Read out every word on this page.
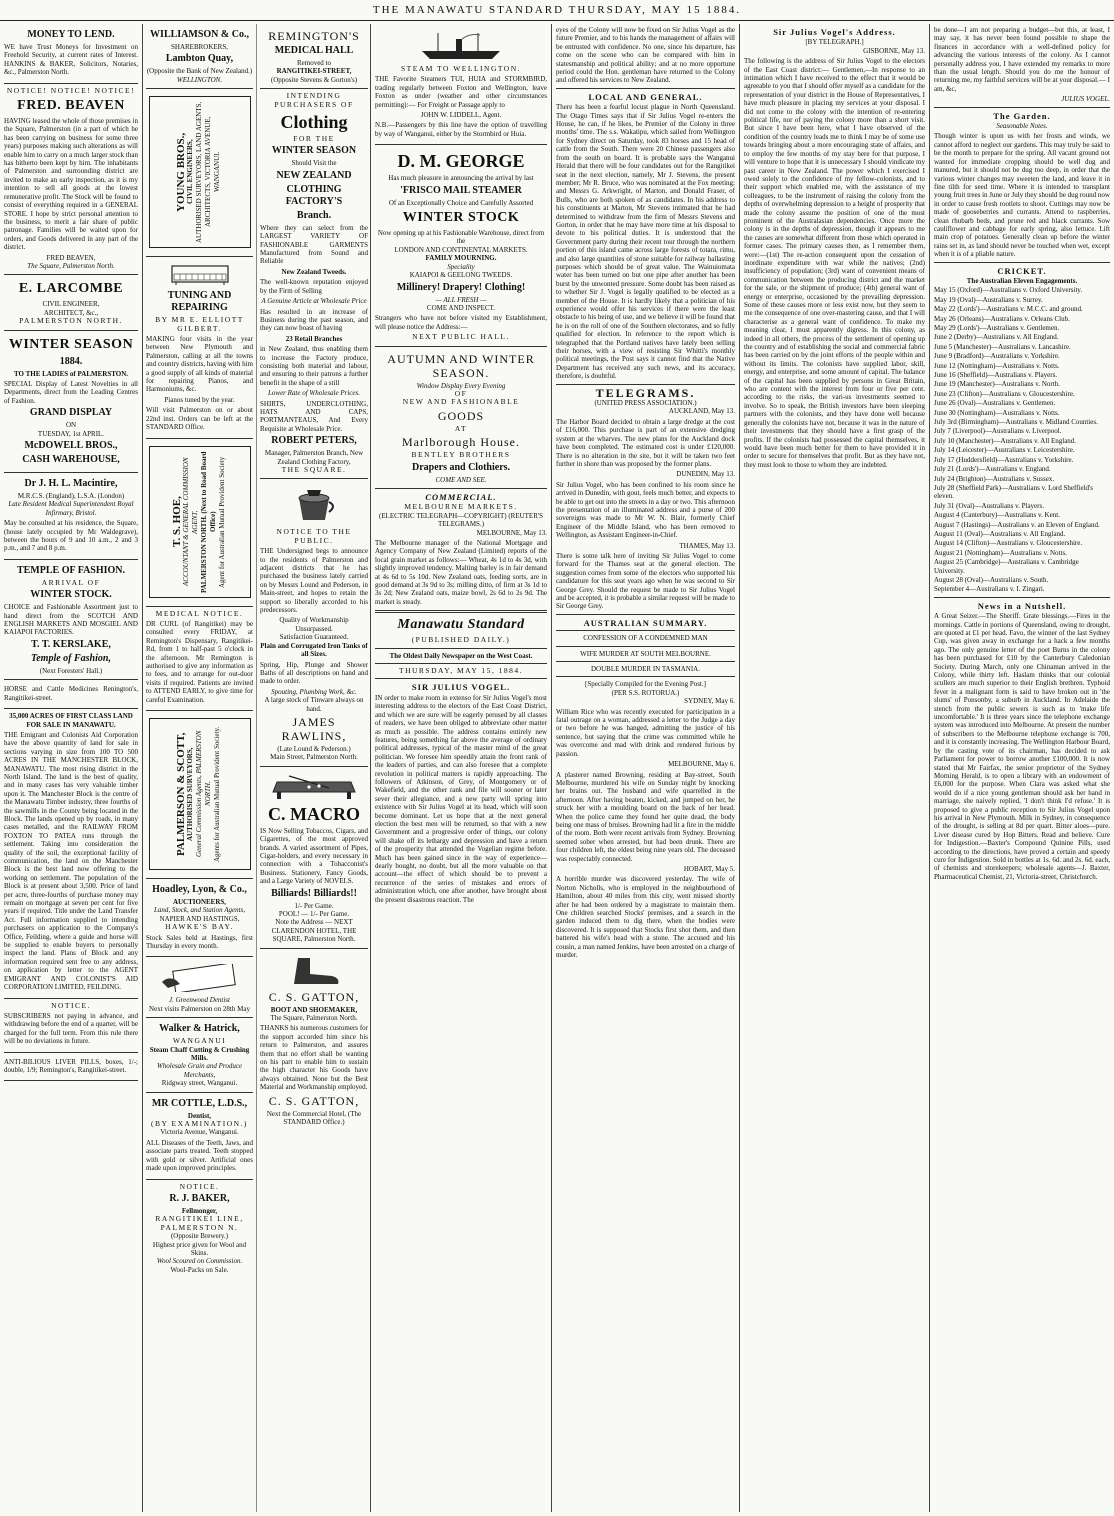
THE MANAWATU STANDARD THURSDAY, MAY 15 1884.
MONEY TO LEND.
WE have Trust Moneys for Investment on Freehold Security, at current rates of Interest. HANKINS & BAKER, Solicitors, Notaries, &c., Palmerston North.
NOTICE! NOTICE! NOTICE!
FRED. BEAVEN
HAVING leased the whole of those premises in the Square, Palmerston (in a part of which he has been carrying on business for some three years) purposes making such alterations as will enable him to carry on a much larger stock than has hitherto been kept by him. The inhabitants of Palmerston and surrounding district are invited to make an early inspection, as it is my intention to sell all goods at the lowest remunerative profit. The Stock will be found to consist of everything required in a GENERAL STORE. I hope by strict personal attention to the business, to merit a fair share of public patronage. Families will be waited upon for orders, and Goods delivered in any part of the district.
FRED BEAVEN,
The Square, Palmerston North.
E. LARCOMBE
CIVIL ENGINEER,
ARCHITECT, &c.,
PALMERSTON NORTH.
WINTER SEASON
1884.
TO THE LADIES of PALMERSTON.
SPECIAL Display of Latest Novelties in all Departments, direct from the Leading Centres of Fashion.
GRAND DISPLAY
ON
TUESDAY, 1st APRIL.
McDOWELL BROS.,
CASH WAREHOUSE,
Dr J. H. L. Macintire,
M.R.C.S. (England), L.S.A. (London)
Late Resident Medical Superintendent Royal Infirmary, Bristol.
May be consulted at his residence, the Square, (house lately occupied by Mr Waldegrave), between the hours of 9 and 10 a.m., 2 and 3 p.m., and 7 and 8 p.m.
TEMPLE OF FASHION.
ARRIVAL OF
WINTER STOCK.
CHOICE and Fashionable Assortment just to hand direct from the SCOTCH AND ENGLISH MARKETS AND MOSGIEL AND KAIAPOI FACTORIES.
T. T. KERSLAKE,
Temple of Fashion,
(Next Foresters' Hall.)
HORSE and Cattle Medicines Renington's, Rangitikei-street.
35,000 ACRES OF FIRST CLASS LAND FOR SALE IN MANAWATU.
THE Emigrant and Colonists Aid Corporation have the above quantity of land for sale in sections varying in size from 100 TO 500 ACRES IN THE MANCHESTER BLOCK, MANAWATU. The most rising district in the North Island. The land is the best of quality, and in many cases has very valuable timber upon it. The Manchester Block is the centre of the Manawatu Timber industry, three fourths of the sawmills in the County being located in the Block. The lands opened up by roads, in many cases metalled, and the RAILWAY FROM FOXTON TO PATEA runs through the settlement. Taking into consideration the quality of the soil, the exceptional facility of communication, the land on the Manchester Block is the best land now offering to the working on settlement. The population of the Block is at present about 3,500. Price of land per acre, three-fourths of purchase money may remain on mortgage at seven per cent for five years if required. Title under the Land Transfer Act. Full information supplied to intending purchasers on application to the Company's Office, Feilding, where a guide and horse will be supplied to enable buyers to personally inspect the land. Plans of Block and any information required sent free to any address, on application by letter to the AGENT EMIGRANT AND COLONIST'S AID CORPORATION LIMITED, FEILDING.
NOTICE.
SUBSCRIBERS not paying in advance, and withdrawing before the end of a quarter, will be charged for the full term. From this rule there will be no deviations in future.
ANTI-BILIOUS LIVER PILLS, boxes, 1/-; double, 1/9; Remington's, Rangitikei-street.
WILLIAMSON & Co.,
SHAREBROKERS,
Lambton Quay,
(Opposite the Bank of New Zealand.)
WELLINGTON.
YOUNG BROS., CIVIL ENGINEERS, AUTHORISED SURVEYORS, LAND AGENTS, ARCHITECTS, VICTORIA AVENUE, WANGANUI.
TUNING AND REPAIRING
BY MR E. ELLIOTT GILBERT.
MAKING four visits in the year between New Plymouth and Palmerston, calling at all the towns and country districts, having with him a good supply of all kinds of material for repairing Pianos, and Harmoniums, &c.
Pianos tuned by the year.
Will visit Palmerston on or about 22nd inst. Orders can be left at the STANDARD Office.
T. S. HOE, ACCOUNTANT & GENERAL COMMISSION AGENT, PALMERSTON NORTH. (Next to Road Board Office) Agent for Australian Mutual Provident Society
MEDICAL NOTICE.
DR CURL (of Rangitikei) may be consulted every FRIDAY, at Remington's Dispensary, Rangitikei-Rd, from 1 to half-past 5 o'clock in the afternoon. Mr Remington is authorised to give any information as to fees, and to arrange for out-door visits if required. Patients are invited to ATTEND EARLY, to give time for careful Examination.
PALMERSON & SCOTT, AUTHORISED SURVEYORS, General Commission Agents, PALMERSTON NORTH. Agents for Australian Mutual Provident Society.
Hoadley, Lyon, & Co.,
AUCTIONEERS,
Land, Stock, and Station Agents,
NAPIER AND HASTINGS,
HAWKE'S BAY.
Stock Sales held at Hastings, first Thursday in every month.
J. Greenwood Dentist
Next visits Palmerston on 28th May
Walker & Hatrick,
WANGANUI
Steam Chaff Cutting & Crushing Mills.
Wholesale Grain and Produce Merchants,
Ridgway street, Wanganui.
MR COTTLE, L.D.S.,
Dentist,
(BY EXAMINATION.)
Victoria Avenue, Wanganui.
ALL Diseases of the Teeth, Jaws, and associate parts treated. Teeth stopped with gold or silver. Artificial ones made upon improved principles.
NOTICE.
R. J. BAKER,
Fellmonger,
RANGITIKEI LINE, PALMERSTON N.
(Opposite Brewery.)
Highest price given for Wool and Skins.
Wool Scoured on Commission.
Wool-Packs on Sale.
REMINGTON'S
MEDICAL HALL
Removed to
RANGITIKEI-STREET,
(Opposite Stevens & Gorton's)
INTENDING PURCHASERS OF
Clothing
FOR THE
WINTER SEASON
Should Visit the
NEW ZEALAND
CLOTHING FACTORY'S
Branch.
Where they can select from the LARGEST VARIETY OF FASHIONABLE GARMENTS Manufactured from Sound and Reliable
New Zealand Tweeds.
The well-known reputation enjoyed by the Firm of Selling
A Genuine Article at Wholesale Price
Has resulted in an increase of Business during the past season, and they can now boast of having
23 Retail Branches
in New Zealand, thus enabling them to increase the Factory produce, consisting both material and labour, and ensuring to their patrons a further benefit in the shape of a still
Lower Rate of Wholesale Prices.
SHIRTS, UNDERCLOTHING, HATS AND CAPS, PORTMANTEAUS, And Every Requisite at Wholesale Price.
ROBERT PETERS,
Manager, Palmerston Branch, New Zealand Clothing Factory,
THE SQUARE.
NOTICE TO THE PUBLIC.
THE Undersigned begs to announce to the residents of Palmerston and adjacent districts that he has purchased the business lately carried on by Messrs Lound and Pederson, in Main-street, and hopes to retain the support so liberally accorded to his predecessors.
Quality of Workmanship Unsurpassed.
Satisfaction Guaranteed.
Plain and Corrugated Iron Tanks of all Sizes.
Spring, Hip, Plunge and Shower Baths of all descriptions on hand and made to order.
Spouting, Plumbing Work, &c.
A large stock of Tinware always on hand.
JAMES RAWLINS,
(Late Lound & Pederson.)
Main Street, Palmerston North.
C. MACRO
IS Now Selling Tobaccos, Cigars, and Cigarettes, of the most approved brands. A varied assortment of Pipes, Cigar-holders, and every necessary in connection with a Tobacconist's Business. Stationery, Fancy Goods, and a Large Variety of NOVELS.
Billiards! Billiards!!
1/- Per Game.
POOL! — 1/- Per Game.
Note the Address — NEXT CLARENDON HOTEL, THE SQUARE, Palmerston North.
C. S. GATTON,
BOOT AND SHOEMAKER,
The Square, Palmerston North.
THANKS his numerous customers for the support accorded him since his return to Palmerston, and assures them that no effort shall be wanting on his part to enable him to sustain the high character his Goods have always obtained. None but the Best Material and Workmanship employed.
C. S. GATTON,
Next the Commercial Hotel, (The STANDARD Office.)
STEAM TO WELLINGTON.
THE Favorite Steamers TUI, HUIA and STORMBIRD, trading regularly between Foxton and Wellington, leave Foxton as under (weather and other circumstances permitting):— For Freight or Passage apply to
JOHN W. LIDDELL, Agent.
N.B.—Passengers by this line have the option of travelling by way of Wanganui, either by the Stormbird or Huia.
D. M. GEORGE
Has much pleasure in announcing the arrival by last
'FRISCO MAIL STEAMER
Of an Exceptionally Choice and Carefully Assorted
WINTER STOCK
Now opening up at his Fashionable Warehouse, direct from the
LONDON AND CONTINENTAL MARKETS.
FAMILY MOURNING.
Speciality
KAIAPOI & GEELONG TWEEDS.
Millinery! Drapery! Clothing!
— ALL FRESH —
COME AND INSPECT.
Strangers who have not before visited my Establishment, will please notice the Address:—
NEXT PUBLIC HALL.
AUTUMN AND WINTER SEASON.
Window Display Every Evening
OF
NEW AND FASHIONABLE
GOODS
AT
Marlborough House.
BENTLEY BROTHERS
Drapers and Clothiers.
COME AND SEE.
COMMERCIAL.
MELBOURNE MARKETS.
(ELECTRIC TELEGRAPH—COPYRIGHT) (REUTER'S TELEGRAMS.)
MELBOURNE, May 13.
The Melbourne manager of the National Mortgage and Agency Company of New Zealand (Limited) reports of the local grain market as follows:— Wheat, 4s 1d to 4s 3d, with slightly improved tendency. Malting barley is in fair demand at 4s 6d to 5s 10d. New Zealand oats, feeding sorts, are in good demand at 3s 9d to 3s; milling ditto, of firm at 3s 1d to 3s 2d; New Zealand oats, maize bowl, 2s 6d to 2s 9d. The market is steady.
Manawatu Standard
(PUBLISHED DAILY.)
The Oldest Daily Newspaper on the West Coast.
THURSDAY, MAY 15, 1884.
SIR JULIUS VOGEL.
IN order to make room in extenso for Sir Julius Vogel's most interesting address to the electors of the East Coast District, and which we are sure will be eagerly perused by all classes of readers, we have been obliged to abbreviate other matter as much as possible. The address contains entirely new features, being something far above the average of ordinary political addresses, typical of the master mind of the great politician. We foresee him speedily attain the front rank of the leaders of parties, and can also foresee that a complete revolution in political matters is rapidly approaching. The followers of Atkinson, of Grey, of Montgomery or of Wakefield, and the other rank and file will sooner or later sever their allegiance, and a new party will spring into existence with Sir Julius Vogel at its head, which will soon become dominant. Let us hope that at the next general election the best men will be returned, so that with a new Government and a progressive order of things, our colony will shake off its lethargy and depression and have a return of the prosperity that attended the Vogelian regime before. Much has been gained since in the way of experience—dearly bought, no doubt, but all the more valuable on that account—the effect of which should be to prevent a recurrence of the series of mistakes and errors of administration which, one after another, have brought about the present disastrous reaction. The
eyes of the Colony will now be fixed on Sir Julius Vogel as the future Premier, and to his hands the management of affairs will be entrusted with confidence. No one, since his departure, has come on the scene who can be compared with him in statesmanship and political ability; and at no more opportune period could the Hon. gentleman have returned to the Colony and offered his services to New Zealand.
LOCAL AND GENERAL.
There has been a fearful locust plague in North Queensland. The Otago Times says that if Sir Julius Vogel re-enters the House, he can, if he likes, be Premier of the Colony in three months' time. The s.s. Wakatipu, which sailed from Wellington for Sydney direct on Saturday, took 83 horses and 15 head of cattle from the South. There were 20 Chinese passengers also from the south on board. It is probable says the Wanganui Herald that there will be four candidates out for the Rangitikei seat in the next election, namely, Mr J. Stevens, the present member; Mr R. Bruce, who was nominated at the Fox meeting; and Messrs G. Arkwright, of Marton, and Donald Fraser, of Bulls, who are both spoken of as candidates. In his address to his constituents at Marton, Mr Stevens intimated that he had determined to withdraw from the firm of Messrs Stevens and Gorton, in order that he may have more time at his disposal to devote to his political duties. It is understood that the Government party during their recent tour through the northern portion of this island came across large forests of totara, rimu, and also large quantities of stone suitable for railway ballasting purposes which should be of great value. The Wainuiomata water has been turned on but one pipe after another has been burst by the unwonted pressure. Some doubt has been raised as to whether Sir J. Vogel is legally qualified to be elected as a member of the House. It is hardly likely that a politician of his experience would offer his services if there were the least obstacle to his being of use, and we believe it will be found that he is on the roll of one of the Southern electorates, and so fully qualified for election. In reference to the report which is telegraphed that the Portland natives have lately been selling their horses, with a view of resisting Sir Whitti's monthly political meetings, the Post says it cannot find that the Native Department has received any such news, and its accuracy, therefore, is doubtful.
TELEGRAMS.
(UNITED PRESS ASSOCIATION.)
AUCKLAND, May 13.
The Harbor Board decided to obtain a large dredge at the cost of £16,000. This purchase is part of an extensive dredging system at the wharves. The new plans for the Auckland dock have been completed. The estimated cost is under £120,000. There is no alteration in the site, but it will be taken two feet further in shore than was proposed by the former plans.
DUNEDIN, May 13.
Sir Julius Vogel, who has been confined to his room since he arrived in Dunedin, with gout, feels much better, and expects to be able to get out into the streets in a day or two. This afternoon the presentation of an illuminated address and a purse of 200 sovereigns was made to Mr W. N. Blair, formerly Chief Engineer of the Middle Island, who has been removed to Wellington, as Assistant Engineer-in-Chief.
THAMES, May 13.
There is some talk here of inviting Sir Julius Vogel to come forward for the Thames seat at the general election. The suggestion comes from some of the electors who supported his candidature for this seat years ago when he was second to Sir George Grey. Should the request be made to Sir Julius Vogel and be accepted, it is probable a similar request will be made to Sir George Grey.
AUSTRALIAN SUMMARY.
CONFESSION OF A CONDEMNED MAN
WIFE MURDER AT SOUTH MELBOURNE.
DOUBLE MURDER IN TASMANIA.
[Specially Compiled for the Evening Post.]
(PER S.S. ROTORUA.)
SYDNEY, May 6.
William Rice who was recently executed for participation in a fatal outrage on a woman, addressed a letter to the Judge a day or two before he was hanged, admitting the justice of his sentence, but saying that the crime was committed while he was overcome and mad with drink and rendered furious by passion.
MELBOURNE, May 6.
A plasterer named Browning, residing at Bay-street, South Melbourne, murdered his wife on Sunday night by knocking her brains out. The husband and wife quarrelled in the afternoon. After having beaten, kicked, and jumped on her, he struck her with a moulding board on the back of her head. When the police came they found her quite dead, the body being one mass of bruises. Browning had lit a fire in the middle of the room. Both were recent arrivals from Sydney. Browning seemed sober when arrested, but had been drunk. There are four children left, the eldest being nine years old. The deceased was respectably connected.
HOBART, May 5.
A horrible murder was discovered yesterday. The wife of Norton Nicholls, who is employed in the neighbourhood of Hamilton, about 40 miles from this city, went missed shortly after he had been ordered by a magistrate to maintain them. One children searched Stocks' premises, and a search in the garden induced them to dig there, when the bodies were discovered. It is supposed that Stocks first shot them, and then battered his wife's head with a stone. The accused and his cousin, a man named Jenkins, have been arrested on a charge of murder.
Sir Julius Vogel's Address.
[BY TELEGRAPH.]
GISBORNE, May 13.
The following is the address of Sir Julius Vogel to the electors of the East Coast district:— Gentlemen,—In response to an intimation which I have received to the effect that it would be agreeable to you that I should offer myself as a candidate for the representation of your district in the House of Representatives, I have much pleasure in placing my services at your disposal. I did not come to the colony with the intention of re-entering political life, nor of paying the colony more than a short visit. But since I have been here, what I have observed of the condition of the country leads me to think I may be of some use towards bringing about a more encouraging state of affairs, and to employ the few months of my stay here for that purpose, I will venture to hope that it is unnecessary I should vindicate my past career in New Zealand. The power which I exercised I owed solely to the confidence of my fellow-colonists, and to their support which enabled me, with the assistance of my colleagues, to be the instrument of raising the colony from the depths of overwhelming depression to a height of prosperity that made the colony assume the position of one of the most prominent of the Australasian dependencies. Once more the colony is in the depths of depression, though it appears to me the causes are somewhat different from those which operated in former cases. The primary causes then, as I remember them, were:—(1st) The re-action consequent upon the cessation of inordinate expenditure with war while the natives; (2nd) insufficiency of population; (3rd) want of convenient means of communication between the producing district and the market for the sale, or the shipment of produce; (4th) general want of energy or enterprise, occasioned by the prevailing depression. Some of these causes more or less exist now, but they seem to me the consequence of one over-mastering cause, and that I will characterise as a general want of confidence. To make my meaning clear, I must apparently digress. In this colony, as indeed in all others, the process of the settlement of opening up the country and of establishing the social and commercial fabric has been carried on by the joint efforts of the people within and without its limits. The colonists have supplied labor, skill, energy, and enterprise, and some amount of capital. The balance of the capital has been supplied by persons in Great Britain, who are content with the interest from four or five per cent. according to the risks, the vari-us investments seemed to involve. So to speak, the British investors have been sleeping partners with the colonists, and they have done well because generally the colonists have not, because it was in the nature of their investments that they should have a first grasp of the profits. If the colonists had possessed the capital themselves, it would have been much better for them to have provided it in order to secure for themselves that profit. But as they have not, they must look to those to whom they are indebted.
be done—I am not preparing a budget—but this, at least, I may say, it has never been found possible to shape the finances in accordance with a well-defined policy for advancing the various interests of the colony. As I cannot personally address you, I have extended my remarks to more than the usual length. Should you do me the honour of returning me, my faithful services will be at your disposal.— I am, &c,
JULIUS VOGEL.
The Garden.
Seasonable Notes.
Though winter is upon us with her frosts and winds, we cannot afford to neglect our gardens. This may truly be said to be the month to prepare for the spring. All vacant ground not wanted for immediate cropping should be well dug and manured, but it should not be dug too deep, in order that the various winter changes may sweeten the land, and leave it in fine tilth for seed time. Where it is intended to transplant young fruit trees in June or July they should be dug round now in order to cause fresh rootlets to shoot. Cuttings may now be made of gooseberries and currants. Attend to raspberries, clean rhubarb beds, and prune red and black currants. Sow cauliflower and cabbage for early spring, also lettuce. Lift main crop of potatoes. Generally clean up before the winter rains set in, as land should never be touched when wet, except when it is of a pliable nature.
CRICKET.
The Australian Eleven Engagements.
May 15 (Oxford)—Australians v. Oxford University.
May 19 (Oval)—Australians v. Surrey.
May 22 (Lords')—Australians v. M.C.C. and ground.
May 26 (Orleans)—Australians v. Orleans Club.
May 29 (Lords')—Australians v. Gentlemen.
June 2 (Derby)—Australians v. All England.
June 5 (Manchester)—Australians v. Lancashire.
June 9 (Bradford)—Australians v. Yorkshire.
June 12 (Nottingham)—Australians v. Notts.
June 16 (Sheffield)—Australians v. Players.
June 19 (Manchester)—Australians v. North.
June 23 (Clifton)—Australians v. Gloucestershire.
June 26 (Oval)—Australians v. Gentlemen.
June 30 (Nottingham)—Australians v. Notts.
July 3rd (Birmingham)—Australians v. Midland Counties.
July 7 (Liverpool)—Australians v. Liverpool.
July 10 (Manchester)—Australians v. All England.
July 14 (Leicester)—Australians v. Leicestershire.
July 17 (Huddersfield)—Australians v. Yorkshire.
July 21 (Lords')—Australians v. England.
July 24 (Brighton)—Australians v. Sussex.
July 28 (Sheffield Park)—Australians v. Lord Sheffield's eleven.
July 31 (Oval)—Australians v. Players.
August 4 (Canterbury)—Australians v. Kent.
August 7 (Hastings)—Australians v. an Eleven of England.
August 11 (Oval)—Australians v. All England.
August 14 (Clifton)—Australians v. Gloucestershire.
August 21 (Nottingham)—Australians v. Notts.
August 25 (Cambridge)—Australians v. Cambridge University.
August 28 (Oval)—Australians v. South.
September 4—Australians v. I. Zingari.
News in a Nutshell.
A Great Seizer.—The Sheriff. Grate blessings.—Fires in the mornings. Cattle in portions of Queensland, owing to drought, are quoted at £1 per head. Favo, the winner of the last Sydney Cup, was given away in exchange for a hack a few months ago. The only genuine letter of the poet Burns in the colony has been purchased for £10 by the Canterbury Caledonian Society. During March, only one Chinaman arrived in the Colony, while thirty left. Haslam thinks that our colonial scullers are much superior to their English brethren. Typhoid fever in a malignant form is said to have broken out in 'the slums' of Ponsonby, a suburb in Auckland. In Adelaide the stench from the public sewers is such as to 'make life uncomfortable.' It is three years since the telephone exchange system was introduced into Melbourne. At present the number of subscribers to the Melbourne telephone exchange is 700, and it is constantly increasing. The Wellington Harbour Board, by the casting vote of its chairman, has decided to ask Parliament for power to borrow another £100,000. It is now stated that Mr Fairfax, the senior proprietor of the Sydney Morning Herald, is to open a library with an endowment of £6,000 for the purpose. When Clara was asked what she would do if a nice young gentleman should ask her hand in marriage, she naively replied, 'I don't think I'd refuse.' It is proposed to give a public reception to Sir Julius Vogel upon his arrival in New Plymouth. Milk in Sydney, in consequence of the drought, is selling at 8d per quart. Bitter aloes—pure. Liver disease cured by Hop Bitters. Read and believe. Cure for Indigestion.—Baxter's Compound Quinine Pills, used according to the directions, have proved a certain and speedy cure for Indigestion. Sold in bottles at 1s. 6d. and 2s. 6d. each, of chemists and storekeepers; wholesale agents—J. Baxter, Pharmaceutical Chemist, 21, Victoria-street, Christchurch.
